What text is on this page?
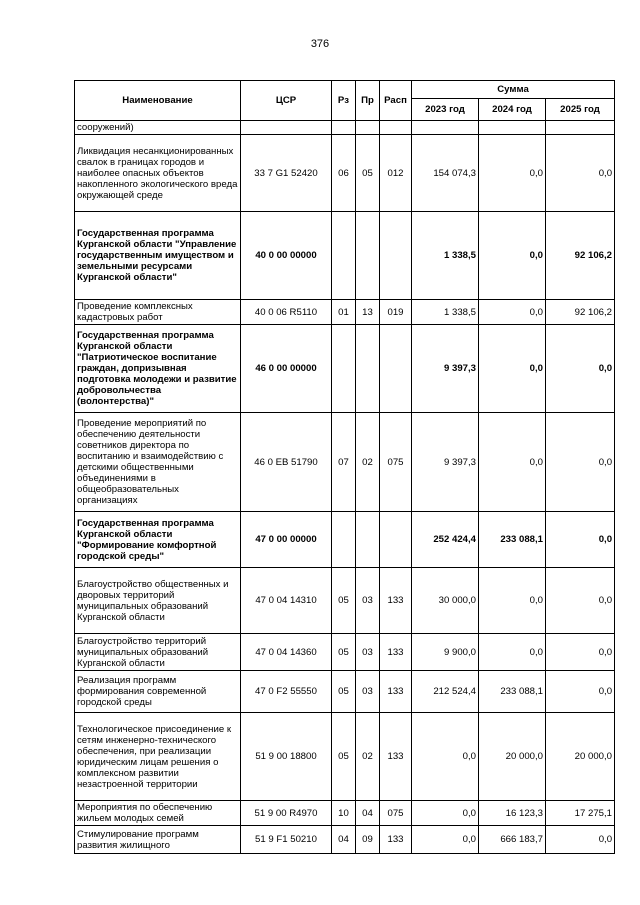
376
Наименование	ЦСР	Рз	Пр	Расп	Сумма		
					2023 год	2024 год	2025 год
сооружений)							
Ликвидация несанкционированных свалок в границах городов и наиболее опасных объектов накопленного экологического вреда окружающей среде	33 7 G1 52420	06	05	012	154 074,3	0,0	0,0
Государственная программа Курганской области "Управление государственным имуществом и земельными ресурсами Курганской области"	40 0 00 00000				1 338,5	0,0	92 106,2
Проведение комплексных кадастровых работ	40 0 06 R5110	01	13	019	1 338,5	0,0	92 106,2
Государственная программа Курганской области "Патриотическое воспитание граждан, допризывная подготовка молодежи и развитие добровольчества (волонтерства)"	46 0 00 00000				9 397,3	0,0	0,0
Проведение мероприятий по обеспечению деятельности советников директора по воспитанию и взаимодействию с детскими общественными объединениями в общеобразовательных организациях	46 0 EB 51790	07	02	075	9 397,3	0,0	0,0
Государственная программа Курганской области "Формирование комфортной городской среды"	47 0 00 00000				252 424,4	233 088,1	0,0
Благоустройство общественных и дворовых территорий муниципальных образований Курганской области	47 0 04 14310	05	03	133	30 000,0	0,0	0,0
Благоустройство территорий муниципальных образований Курганской области	47 0 04 14360	05	03	133	9 900,0	0,0	0,0
Реализация программ формирования современной городской среды	47 0 F2 55550	05	03	133	212 524,4	233 088,1	0,0
Технологическое присоединение к сетям инженерно-технического обеспечения, при реализации юридическим лицам решения о комплексном развитии незастроенной территории	51 9 00 18800	05	02	133	0,0	20 000,0	20 000,0
Мероприятия по обеспечению жильем молодых семей	51 9 00 R4970	10	04	075	0,0	16 123,3	17 275,1
Стимулирование программ развития жилищного	51 9 F1 50210	04	09	133	0,0	666 183,7	0,0
